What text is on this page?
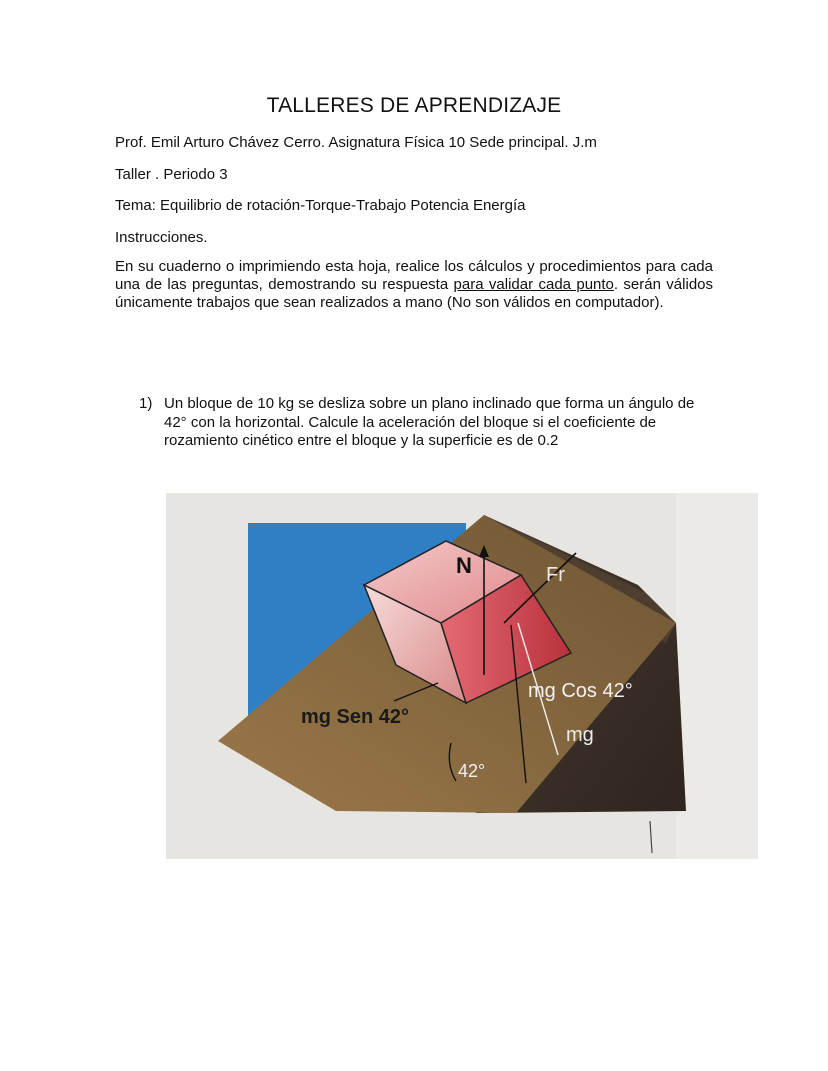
TALLERES DE APRENDIZAJE
Prof. Emil Arturo Chávez Cerro. Asignatura Física 10 Sede principal. J.m
Taller . Periodo 3
Tema: Equilibrio de rotación-Torque-Trabajo Potencia Energía
Instrucciones.
En su cuaderno o imprimiendo esta hoja, realice los cálculos y procedimientos para cada una de las preguntas, demostrando su respuesta para validar cada punto. serán válidos únicamente trabajos que sean realizados a mano (No son válidos en computador).
1) Un bloque de 10 kg se desliza sobre un plano inclinado que forma un ángulo de 42° con la horizontal. Calcule la aceleración del bloque si el coeficiente de rozamiento cinético entre el bloque y la superficie es de 0.2
N	Fr
mg Sen 42°
mg Cos 42°
mg
42°
